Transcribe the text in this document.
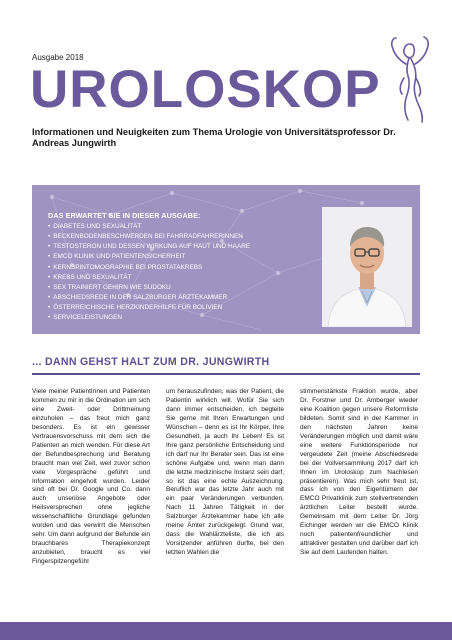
Ausgabe 2018
UROLOSKOP
Informationen und Neuigkeiten zum Thema Urologie von Universitätsprofessor Dr. Andreas Jungwirth
DAS ERWARTET SIE IN DIESER AUSGABE:
• DIABETES UND SEXUALITÄT
• BECKENBODENBESCHWERDEN BEI FAHRRADFAHRERINNEN
• TESTOSTERON UND DESSEN WIRKUNG AUF HAUT UND HAARE
• EMCO KLINIK UND PATIENTENSICHERHEIT
• KERNSPINTOMOGRAPHIE BEI PROSTATAKREBS
• KREBS UND SEXUALITÄT
• SEX TRAINIERT GEHIRN WIE SUDOKU
• ABSCHIEDSREDE IN DER SALZBURGER ÄRZTEKAMMER
• ÖSTERREICHISCHE HERZKINDERHILFE FÜR BOLIVIEN
• SERVICELEISTUNGEN
... DANN GEHST HALT ZUM DR. JUNGWIRTH

Viele meiner PatientInnen und Patienten kommen zu mir in die Ordination um sich eine Zweit- oder Drittmeinung einzuholen – das freut mich ganz besonders. Es ist ein gewisser Vertrauensvorschuss mit dem sich die Patienten an mich wenden. Für diese Art der Befundbesprechung und Beratung braucht man viel Zeit, weil zuvor schon viele Vorgespräche geführt und Information eingeholt wurden. Leider sind oft bei Dr. Google und Co. dann auch unseriöse Angebote oder Heilsversprechen ohne jegliche wissenschaftliche Grundlage gefunden worden und das verwirrt die Menschen sehr. Um dann aufgrund der Befunde ein brauchbares Therapiekonzept anzubieten, braucht es viel Fingerspitzengefühl

um herauszufinden, was der Patient, die Patientin wirklich will. Wofür Sie sich dann immer entscheiden, ich begleite Sie gerne mit Ihren Erwartungen und Wünschen – denn es ist Ihr Körper, Ihre Gesundheit, ja auch Ihr Leben! Es ist Ihre ganz persönliche Entscheidung und ich darf nur Ihr Berater sein. Das ist eine schöne Aufgabe und, wenn man dann die letzte medizinische Instanz sein darf, so ist das eine echte Auszeichnung. Beruflich war das letzte Jahr auch mit ein paar Veränderungen verbunden. Nach 11 Jahren Tätigkeit in der Salzburger Ärztekammer habe ich alle meine Ämter zurückgelegt. Grund war, dass die Wahlärzteliste, die ich als Vorsitzender anführen durfte, bei den letzten Wahlen die

stimmenstärkste Fraktion wurde, aber Dr. Forstner und Dr. Amberger wieder eine Koalition gegen unsere Reformliste bildeten. Somit sind in der Kammer in den nächsten Jahren keine Veränderungen möglich und damit wäre eine weitere Funktionsperiode nur vergeudete Zeit (meine Abschiedsrede bei der Vollversammlung 2017 darf ich Ihnen im Uroloskop zum Nachlesen präsentieren). Was mich sehr freut ist, dass ich von den Eigentümern der EMCO Privatklinik zum stellvertretenden ärztlichen Leiter bestellt wurde. Gemeinsam mit dem Leiter Dr. Jörg Eichinger werden wir die EMCO Klinik noch patientenfreundlicher und attraktiver gestalten und darüber darf ich Sie auf dem Laufenden halten.
